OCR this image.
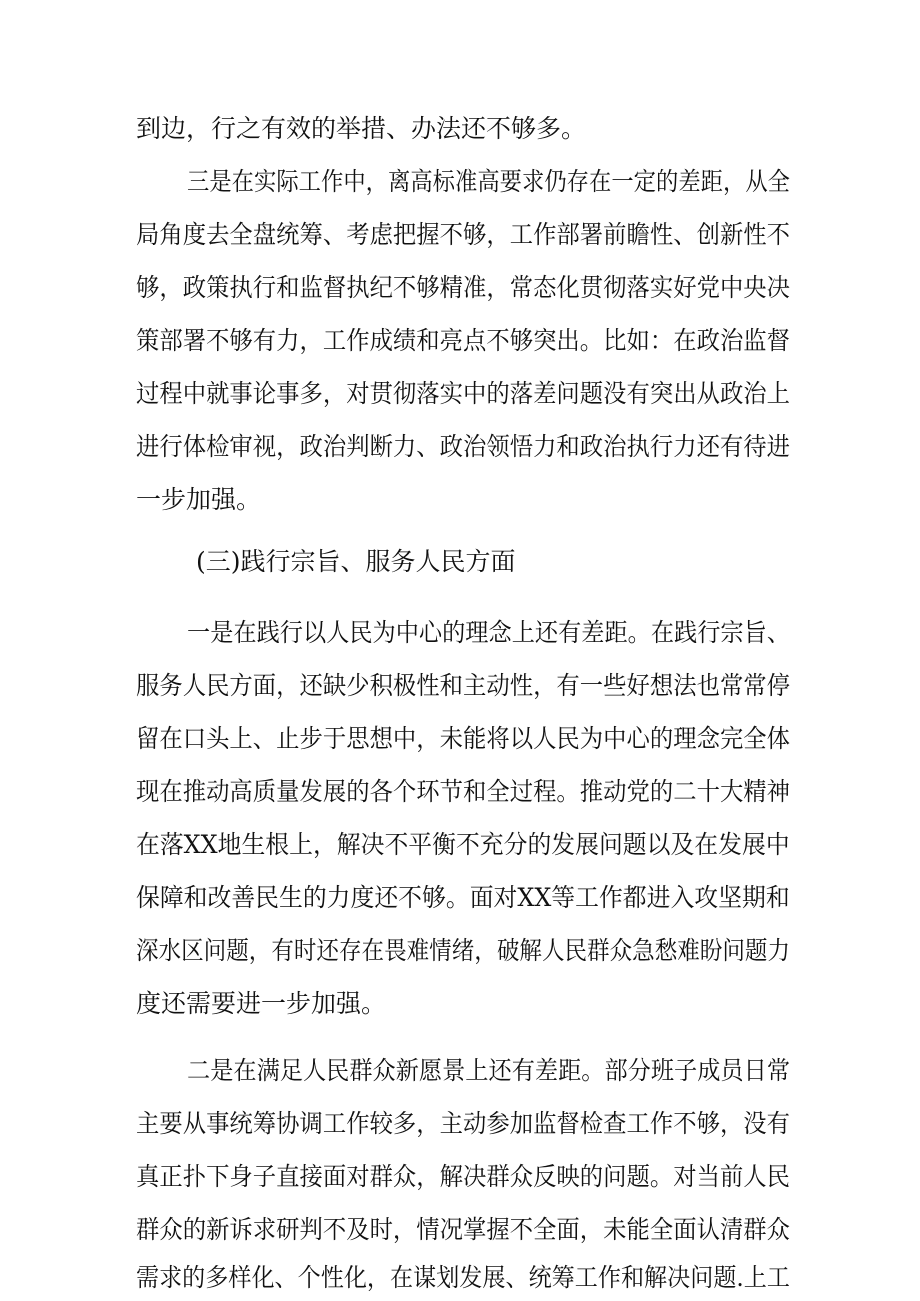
到边，行之有效的举措、办法还不够多。
三是在实际工作中，离高标准高要求仍存在一定的差距，从全
局角度去全盘统筹、考虑把握不够，工作部署前瞻性、创新性不
够，政策执行和监督执纪不够精准，常态化贯彻落实好党中央决
策部署不够有力，工作成绩和亮点不够突出。比如：在政治监督
过程中就事论事多，对贯彻落实中的落差问题没有突出从政治上
进行体检审视，政治判断力、政治领悟力和政治执行力还有待进
一步加强。
(三)践行宗旨、服务人民方面
一是在践行以人民为中心的理念上还有差距。在践行宗旨、
服务人民方面，还缺少积极性和主动性，有一些好想法也常常停
留在口头上、止步于思想中，未能将以人民为中心的理念完全体
现在推动高质量发展的各个环节和全过程。推动党的二十大精神
在落XX地生根上，解决不平衡不充分的发展问题以及在发展中
保障和改善民生的力度还不够。面对XX等工作都进入攻坚期和
深水区问题，有时还存在畏难情绪，破解人民群众急愁难盼问题力
度还需要进一步加强。
二是在满足人民群众新愿景上还有差距。部分班子成员日常
主要从事统筹协调工作较多，主动参加监督检查工作不够，没有
真正扑下身子直接面对群众，解决群众反映的问题。对当前人民
群众的新诉求研判不及时，情况掌握不全面，未能全面认清群众
需求的多样化、个性化，在谋划发展、统筹工作和解决问题.上工
